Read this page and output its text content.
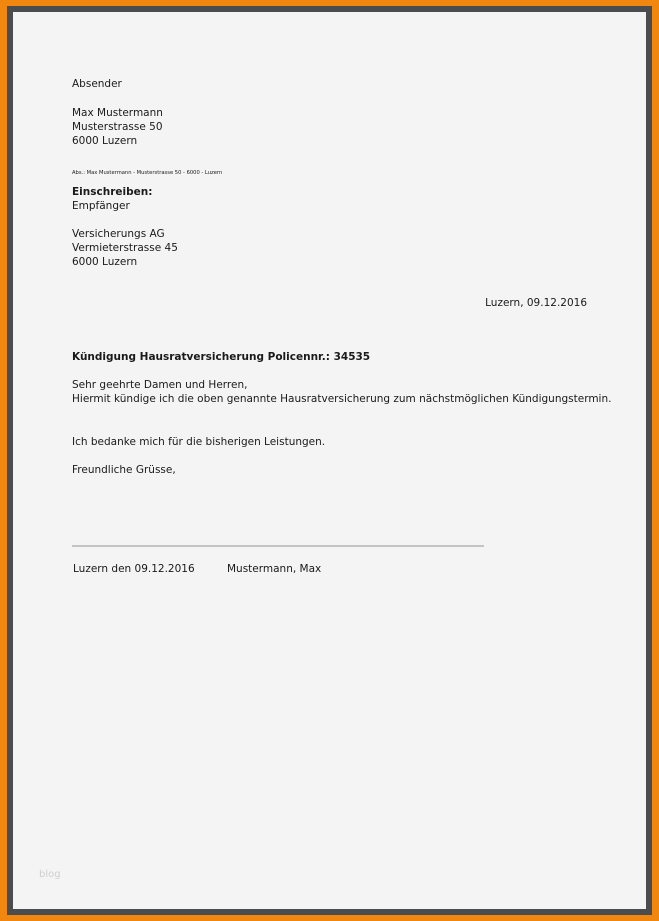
Absender
Max Mustermann
Musterstrasse 50
6000 Luzern
Abs.: Max Mustermann - Musterstrasse 50 - 6000 - Luzern
Einschreiben:
Empfänger
Versicherungs AG
Vermieterstrasse 45
6000 Luzern
Luzern, 09.12.2016
Kündigung Hausratversicherung Policennr.: 34535
Sehr geehrte Damen und Herren,
Hiermit kündige ich die oben genannte Hausratversicherung zum nächstmöglichen Kündigungstermin.
Ich bedanke mich für die bisherigen Leistungen.
Freundliche Grüsse,
Luzern den 09.12.2016	Mustermann, Max
blog
